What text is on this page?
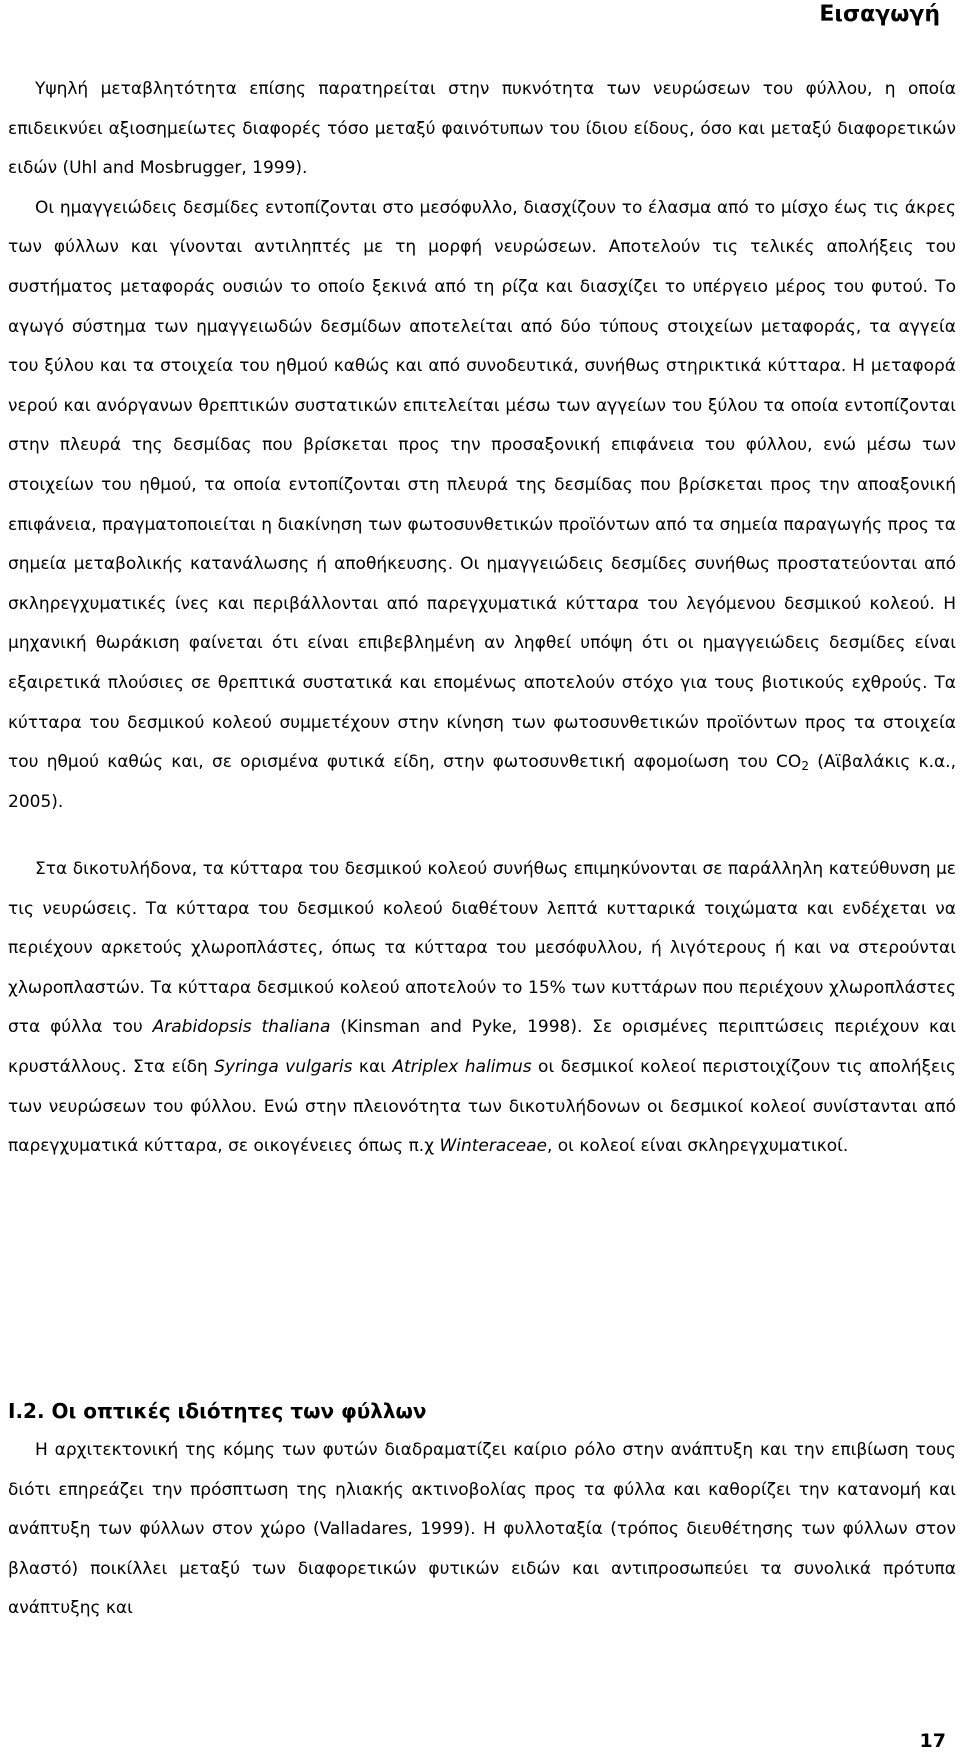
Εισαγωγή
Υψηλή μεταβλητότητα επίσης παρατηρείται στην πυκνότητα των νευρώσεων του φύλλου, η οποία επιδεικνύει αξιοσημείωτες διαφορές τόσο μεταξύ φαινότυπων του ίδιου είδους, όσο και μεταξύ διαφορετικών ειδών (Uhl and Mosbrugger, 1999).
Οι ημαγγειώδεις δεσμίδες εντοπίζονται στο μεσόφυλλο, διασχίζουν το έλασμα από το μίσχο έως τις άκρες των φύλλων και γίνονται αντιληπτές με τη μορφή νευρώσεων. Αποτελούν τις τελικές απολήξεις του συστήματος μεταφοράς ουσιών το οποίο ξεκινά από τη ρίζα και διασχίζει το υπέργειο μέρος του φυτού. Το αγωγό σύστημα των ημαγγειωδών δεσμίδων αποτελείται από δύο τύπους στοιχείων μεταφοράς, τα αγγεία του ξύλου και τα στοιχεία του ηθμού καθώς και από συνοδευτικά, συνήθως στηρικτικά κύτταρα. Η μεταφορά νερού και ανόργανων θρεπτικών συστατικών επιτελείται μέσω των αγγείων του ξύλου τα οποία εντοπίζονται στην πλευρά της δεσμίδας που βρίσκεται προς την προσαξονική επιφάνεια του φύλλου, ενώ μέσω των στοιχείων του ηθμού, τα οποία εντοπίζονται στη πλευρά της δεσμίδας που βρίσκεται προς την αποαξονική επιφάνεια, πραγματοποιείται η διακίνηση των φωτοσυνθετικών προϊόντων από τα σημεία παραγωγής προς τα σημεία μεταβολικής κατανάλωσης ή αποθήκευσης. Οι ημαγγειώδεις δεσμίδες συνήθως προστατεύονται από σκληρεγχυματικές ίνες και περιβάλλονται από παρεγχυματικά κύτταρα του λεγόμενου δεσμικού κολεού. Η μηχανική θωράκιση φαίνεται ότι είναι επιβεβλημένη αν ληφθεί υπόψη ότι οι ημαγγειώδεις δεσμίδες είναι εξαιρετικά πλούσιες σε θρεπτικά συστατικά και επομένως αποτελούν στόχο για τους βιοτικούς εχθρούς. Τα κύτταρα του δεσμικού κολεού συμμετέχουν στην κίνηση των φωτοσυνθετικών προϊόντων προς τα στοιχεία του ηθμού καθώς και, σε ορισμένα φυτικά είδη, στην φωτοσυνθετική αφομοίωση του $CO_2$ (Αϊβαλάκις κ.α., 2005).
Στα δικοτυλήδονα, τα κύτταρα του δεσμικού κολεού συνήθως επιμηκύνονται σε παράλληλη κατεύθυνση με τις νευρώσεις. Τα κύτταρα του δεσμικού κολεού διαθέτουν λεπτά κυτταρικά τοιχώματα και ενδέχεται να περιέχουν αρκετούς χλωροπλάστες, όπως τα κύτταρα του μεσόφυλλου, ή λιγότερους ή και να στερούνται χλωροπλαστών. Τα κύτταρα δεσμικού κολεού αποτελούν το 15% των κυττάρων που περιέχουν χλωροπλάστες στα φύλλα του Arabidopsis thaliana (Kinsman and Pyke, 1998). Σε ορισμένες περιπτώσεις περιέχουν και κρυστάλλους. Στα είδη Syringa vulgaris και Atriplex halimus οι δεσμικοί κολεοί περιστοιχίζουν τις απολήξεις των νευρώσεων του φύλλου. Ενώ στην πλειονότητα των δικοτυλήδονων οι δεσμικοί κολεοί συνίστανται από παρεγχυματικά κύτταρα, σε οικογένειες όπως π.χ Winteraceae, οι κολεοί είναι σκληρεγχυματικοί.
Ι.2. Οι οπτικές ιδιότητες των φύλλων
Η αρχιτεκτονική της κόμης των φυτών διαδραματίζει καίριο ρόλο στην ανάπτυξη και την επιβίωση τους διότι επηρεάζει την πρόσπτωση της ηλιακής ακτινοβολίας προς τα φύλλα και καθορίζει την κατανομή και ανάπτυξη των φύλλων στον χώρο (Valladares, 1999). Η φυλλοταξία (τρόπος διευθέτησης των φύλλων στον βλαστό) ποικίλλει μεταξύ των διαφορετικών φυτικών ειδών και αντιπροσωπεύει τα συνολικά πρότυπα ανάπτυξης και
17
